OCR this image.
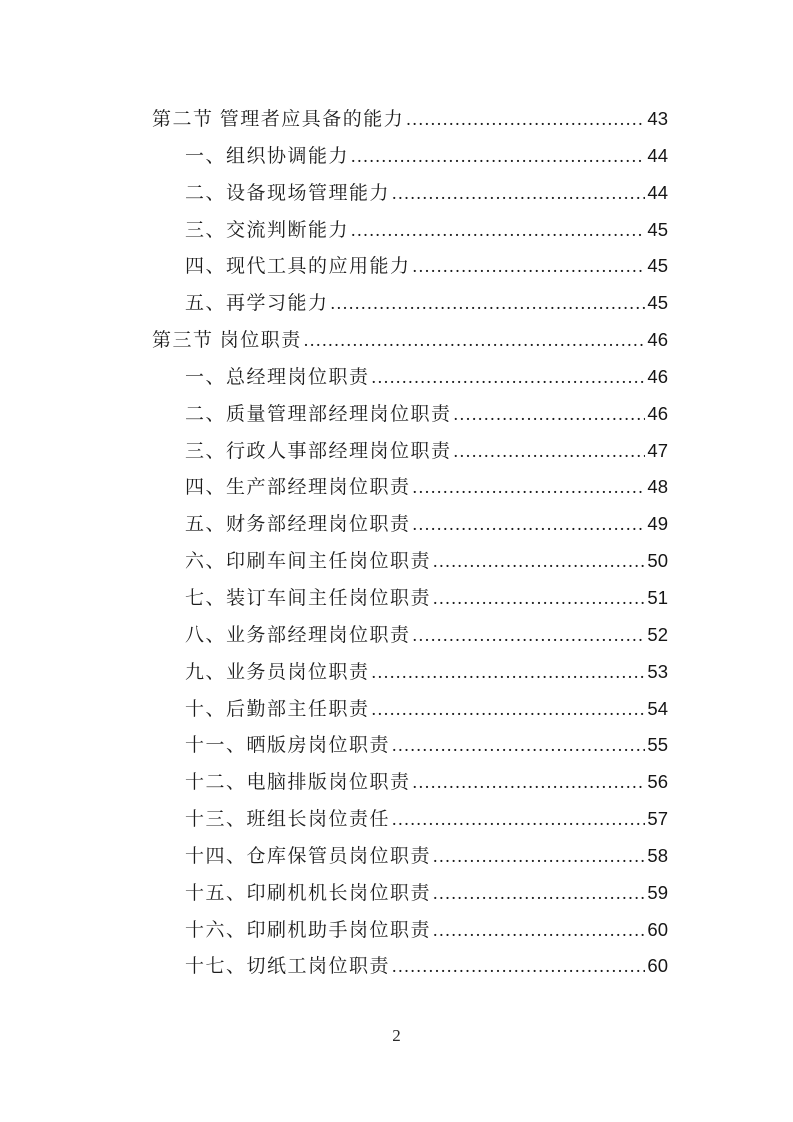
第二节 管理者应具备的能力 .....	43
一、组织协调能力 .....	44
二、设备现场管理能力 .....	44
三、交流判断能力 .....	45
四、现代工具的应用能力 .....	45
五、再学习能力 .....	45
第三节 岗位职责 .....	46
一、总经理岗位职责 .....	46
二、质量管理部经理岗位职责 .....	46
三、行政人事部经理岗位职责 .....	47
四、生产部经理岗位职责 .....	48
五、财务部经理岗位职责 .....	49
六、印刷车间主任岗位职责 .....	50
七、装订车间主任岗位职责 .....	51
八、业务部经理岗位职责 .....	52
九、业务员岗位职责 .....	53
十、后勤部主任职责 .....	54
十一、晒版房岗位职责 .....	55
十二、电脑排版岗位职责 .....	56
十三、班组长岗位责任 .....	57
十四、仓库保管员岗位职责 .....	58
十五、印刷机机长岗位职责 .....	59
十六、印刷机助手岗位职责 .....	60
十七、切纸工岗位职责 .....	60
2
